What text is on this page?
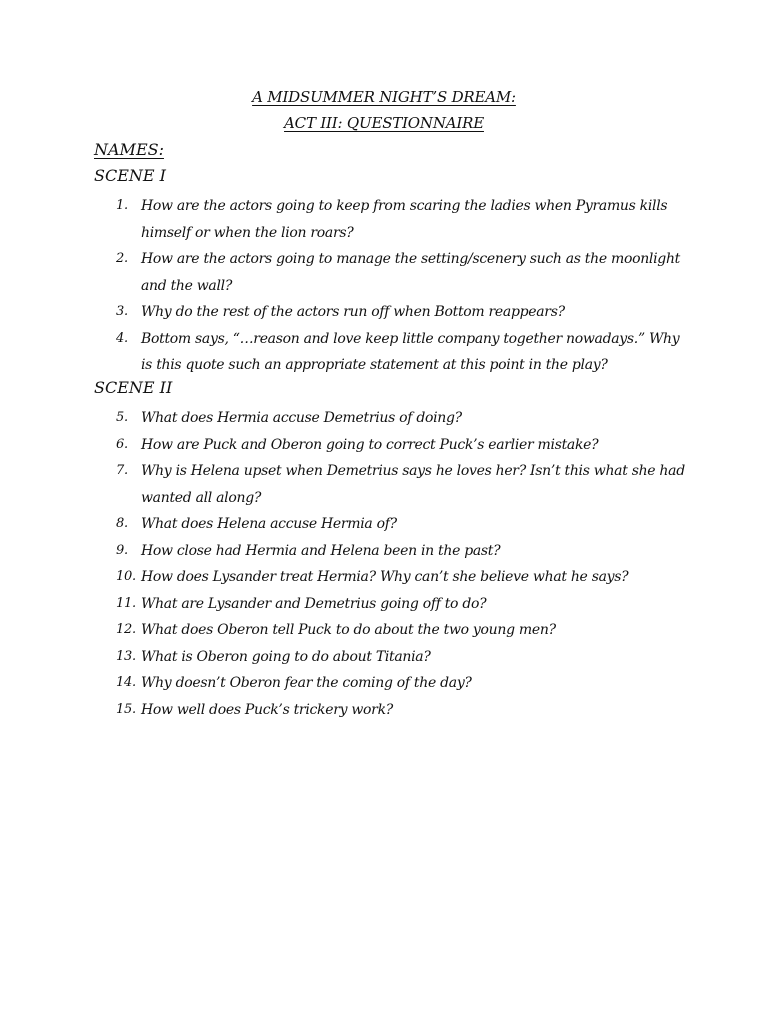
A MIDSUMMER NIGHT’S DREAM:
ACT III: QUESTIONNAIRE
NAMES:
SCENE I
1. How are the actors going to keep from scaring the ladies when Pyramus kills himself or when the lion roars?
2. How are the actors going to manage the setting/scenery such as the moonlight and the wall?
3. Why do the rest of the actors run off when Bottom reappears?
4. Bottom says, “…reason and love keep little company together nowadays.” Why is this quote such an appropriate statement at this point in the play?
SCENE II
5. What does Hermia accuse Demetrius of doing?
6. How are Puck and Oberon going to correct Puck’s earlier mistake?
7. Why is Helena upset when Demetrius says he loves her? Isn’t this what she had wanted all along?
8. What does Helena accuse Hermia of?
9. How close had Hermia and Helena been in the past?
10. How does Lysander treat Hermia? Why can’t she believe what he says?
11. What are Lysander and Demetrius going off to do?
12. What does Oberon tell Puck to do about the two young men?
13. What is Oberon going to do about Titania?
14. Why doesn’t Oberon fear the coming of the day?
15. How well does Puck’s trickery work?
